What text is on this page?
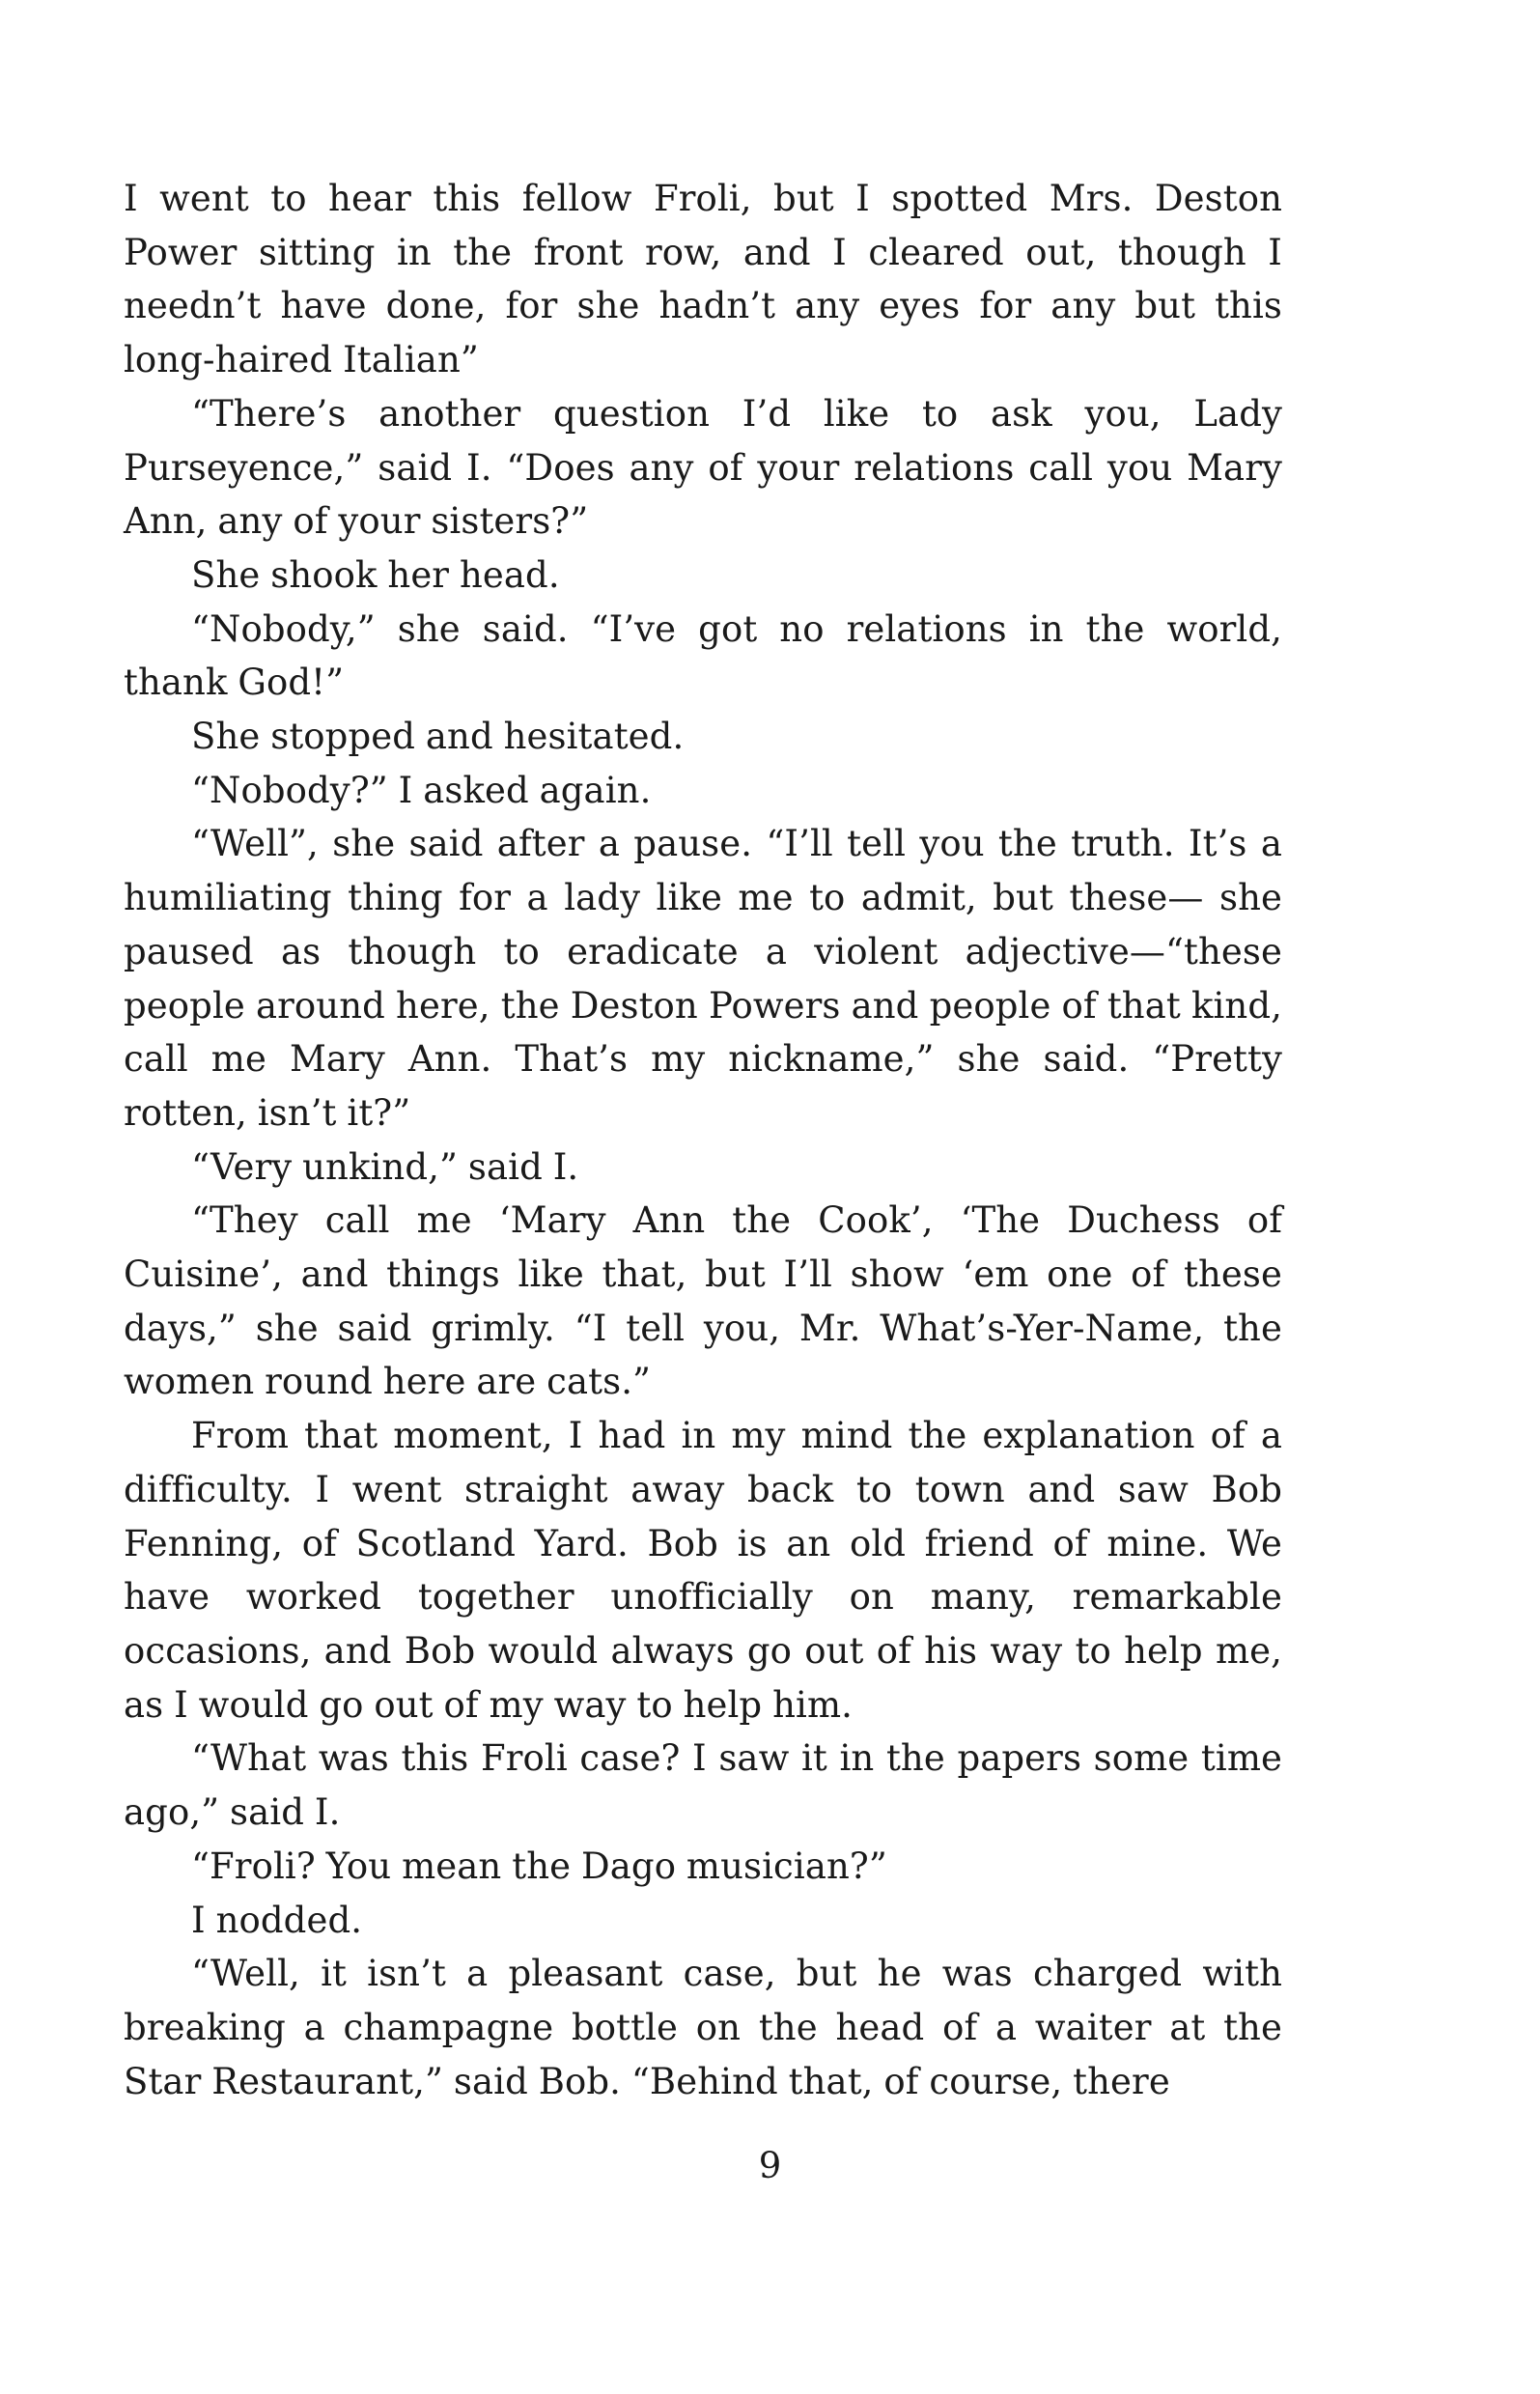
I went to hear this fellow Froli, but I spotted Mrs. Deston Power sitting in the front row, and I cleared out, though I needn’t have done, for she hadn’t any eyes for any but this long-haired Italian”

“There’s another question I’d like to ask you, Lady Purseyence,” said I. “Does any of your relations call you Mary Ann, any of your sisters?”

She shook her head.

“Nobody,” she said. “I’ve got no relations in the world, thank God!”

She stopped and hesitated.

“Nobody?” I asked again.

“Well”, she said after a pause. “I’ll tell you the truth. It’s a humiliating thing for a lady like me to admit, but these— she paused as though to eradicate a violent adjective—“these people around here, the Deston Powers and people of that kind, call me Mary Ann. That’s my nickname,” she said. “Pretty rotten, isn’t it?”

“Very unkind,” said I.

“They call me ‘Mary Ann the Cook’, ‘The Duchess of Cuisine’, and things like that, but I’ll show ‘em one of these days,” she said grimly. “I tell you, Mr. What’s-Yer-Name, the women round here are cats.”

From that moment, I had in my mind the explanation of a difficulty. I went straight away back to town and saw Bob Fenning, of Scotland Yard. Bob is an old friend of mine. We have worked together unofficially on many, remarkable occasions, and Bob would always go out of his way to help me, as I would go out of my way to help him.

“What was this Froli case? I saw it in the papers some time ago,” said I.

“Froli? You mean the Dago musician?”

I nodded.

“Well, it isn’t a pleasant case, but he was charged with breaking a champagne bottle on the head of a waiter at the Star Restaurant,” said Bob. “Behind that, of course, there

9
